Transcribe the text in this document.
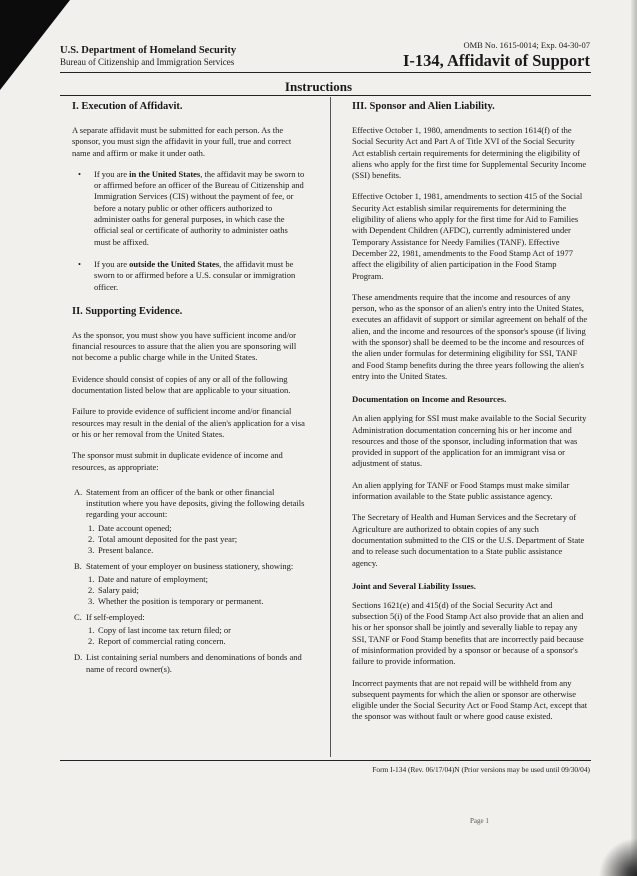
U.S. Department of Homeland Security
Bureau of Citizenship and Immigration Services
OMB No. 1615-0014; Exp. 04-30-07
I-134, Affidavit of Support
Instructions
I. Execution of Affidavit.

A separate affidavit must be submitted for each person. As the sponsor, you must sign the affidavit in your full, true and correct name and affirm or make it under oath.

• If you are in the United States, the affidavit may be sworn to or affirmed before an officer of the Bureau of Citizenship and Immigration Services (CIS) without the payment of fee, or before a notary public or other officers authorized to administer oaths for general purposes, in which case the official seal or certificate of authority to administer oaths must be affixed.
• If you are outside the United States, the affidavit must be sworn to or affirmed before a U.S. consular or immigration officer.
II. Supporting Evidence.

As the sponsor, you must show you have sufficient income and/or financial resources to assure that the alien you are sponsoring will not become a public charge while in the United States.

Evidence should consist of copies of any or all of the following documentation listed below that are applicable to your situation.

Failure to provide evidence of sufficient income and/or financial resources may result in the denial of the alien's application for a visa or his or her removal from the United States.

The sponsor must submit in duplicate evidence of income and resources, as appropriate:

A. Statement from an officer of the bank or other financial institution where you have deposits, giving the following details regarding your account:
1. Date account opened;
2. Total amount deposited for the past year;
3. Present balance.
B. Statement of your employer on business stationery, showing:
1. Date and nature of employment;
2. Salary paid;
3. Whether the position is temporary or permanent.
C. If self-employed:
1. Copy of last income tax return filed; or
2. Report of commercial rating concern.
D. List containing serial numbers and denominations of bonds and name of record owner(s).
III. Sponsor and Alien Liability.

Effective October 1, 1980, amendments to section 1614(f) of the Social Security Act and Part A of Title XVI of the Social Security Act establish certain requirements for determining the eligibility of aliens who apply for the first time for Supplemental Security Income (SSI) benefits.

Effective October 1, 1981, amendments to section 415 of the Social Security Act establish similar requirements for determining the eligibility of aliens who apply for the first time for Aid to Families with Dependent Children (AFDC), currently administered under Temporary Assistance for Needy Families (TANF). Effective December 22, 1981, amendments to the Food Stamp Act of 1977 affect the eligibility of alien participation in the Food Stamp Program.

These amendments require that the income and resources of any person, who as the sponsor of an alien's entry into the United States, executes an affidavit of support or similar agreement on behalf of the alien, and the income and resources of the sponsor's spouse (if living with the sponsor) shall be deemed to be the income and resources of the alien under formulas for determining eligibility for SSI, TANF and Food Stamp benefits during the three years following the alien's entry into the United States.

Documentation on Income and Resources.

An alien applying for SSI must make available to the Social Security Administration documentation concerning his or her income and resources and those of the sponsor, including information that was provided in support of the application for an immigrant visa or adjustment of status.

An alien applying for TANF or Food Stamps must make similar information available to the State public assistance agency.

The Secretary of Health and Human Services and the Secretary of Agriculture are authorized to obtain copies of any such documentation submitted to the CIS or the U.S. Department of State and to release such documentation to a State public assistance agency.

Joint and Several Liability Issues.

Sections 1621(e) and 415(d) of the Social Security Act and subsection 5(i) of the Food Stamp Act also provide that an alien and his or her sponsor shall be jointly and severally liable to repay any SSI, TANF or Food Stamp benefits that are incorrectly paid because of misinformation provided by a sponsor or because of a sponsor's failure to provide information.

Incorrect payments that are not repaid will be withheld from any subsequent payments for which the alien or sponsor are otherwise eligible under the Social Security Act or Food Stamp Act, except that the sponsor was without fault or where good cause existed.

Form I-134 (Rev. 06/17/04)N (Prior versions may be used until 09/30/04)
Page 1
